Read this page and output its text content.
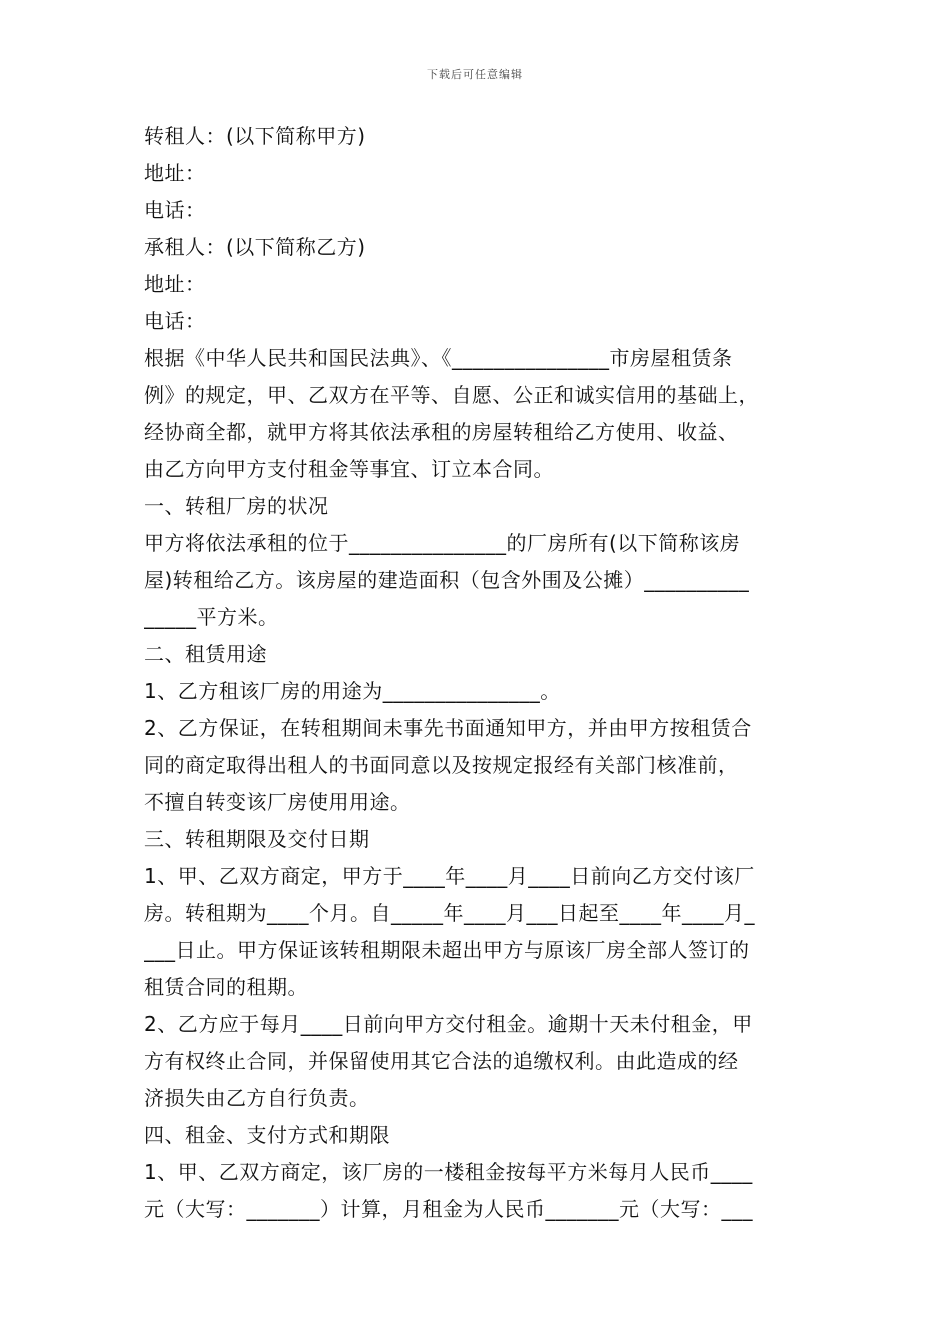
下载后可任意编辑
转租人：(以下简称甲方)
地址：
电话：
承租人：(以下简称乙方)
地址：
电话：
根据《中华人民共和国民法典》、《_______________市房屋租赁条
例》的规定，甲、乙双方在平等、自愿、公正和诚实信用的基础上，
经协商全都，就甲方将其依法承租的房屋转租给乙方使用、收益、
由乙方向甲方支付租金等事宜、订立本合同。
一、转租厂房的状况
甲方将依法承租的位于_______________的厂房所有(以下简称该房
屋)转租给乙方。该房屋的建造面积（包含外围及公摊）__________
_____平方米。
二、租赁用途
1、乙方租该厂房的用途为_______________。
2、乙方保证，在转租期间未事先书面通知甲方，并由甲方按租赁合
同的商定取得出租人的书面同意以及按规定报经有关部门核准前，
不擅自转变该厂房使用用途。
三、转租期限及交付日期
1、甲、乙双方商定，甲方于____年____月____日前向乙方交付该厂
房。转租期为____个月。自_____年____月___日起至____年____月_
___日止。甲方保证该转租期限未超出甲方与原该厂房全部人签订的
租赁合同的租期。
2、乙方应于每月____日前向甲方交付租金。逾期十天未付租金，甲
方有权终止合同，并保留使用其它合法的追缴权利。由此造成的经
济损失由乙方自行负责。
四、租金、支付方式和期限
1、甲、乙双方商定，该厂房的一楼租金按每平方米每月人民币____
元（大写：_______）计算，月租金为人民币_______元（大写：___
